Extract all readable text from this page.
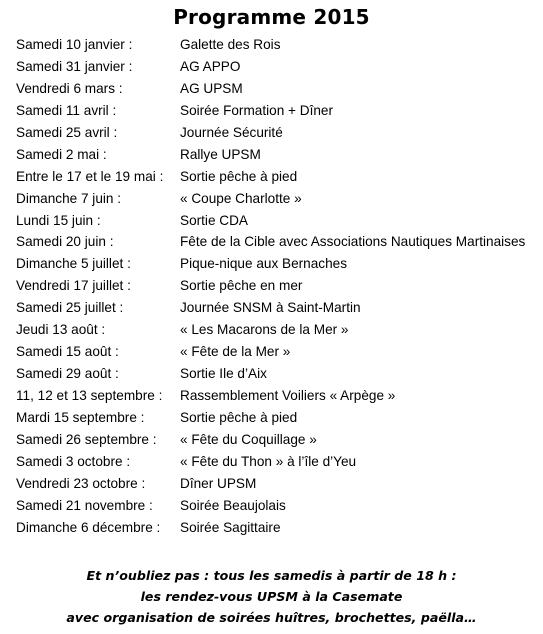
Programme 2015
Samedi 10 janvier :	Galette des Rois
Samedi 31 janvier :	AG APPO
Vendredi 6 mars :	AG UPSM
Samedi 11 avril :	Soirée Formation + Dîner
Samedi 25 avril :	Journée Sécurité
Samedi 2 mai :	Rallye UPSM
Entre le 17 et le 19 mai : Sortie pêche à pied
Dimanche 7 juin :	« Coupe Charlotte »
Lundi 15 juin :	Sortie CDA
Samedi 20 juin :	Fête de la Cible avec Associations Nautiques Martinaises
Dimanche 5 juillet :	Pique-nique aux Bernaches
Vendredi 17 juillet :	Sortie pêche en mer
Samedi 25 juillet :	Journée SNSM à Saint-Martin
Jeudi 13 août :	« Les Macarons de la Mer »
Samedi 15 août :	« Fête de la Mer »
Samedi 29 août :	Sortie Ile d’Aix
11, 12 et 13 septembre : Rassemblement Voiliers « Arpège »
Mardi 15 septembre :	Sortie pêche à pied
Samedi 26 septembre : « Fête du Coquillage »
Samedi 3 octobre :	« Fête du Thon » à l’île d’Yeu
Vendredi 23 octobre :	Dîner UPSM
Samedi 21 novembre : Soirée Beaujolais
Dimanche 6 décembre : Soirée Sagittaire
Et n’oubliez pas : tous les samedis à partir de 18 h :
les rendez-vous UPSM à la Casemate
avec organisation de soirées huîtres, brochettes, paëlla…
